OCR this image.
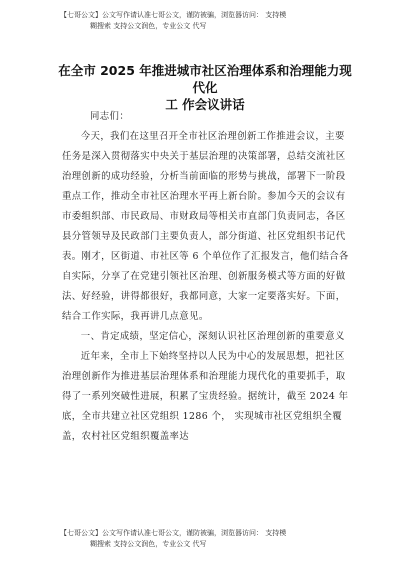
【七哥公文】公文写作请认准七哥公文，谨防被骗，浏览器访问： 支持模
糊搜索 支持公文润色，专业公文 代写
在全市 2025 年推进城市社区治理体系和治理能力现代化
工 作会议讲话

同志们：

今天，我们在这里召开全市社区治理创新工作推进会议，主要任务是深入贯彻落实中央关于基层治理的决策部署，总结交流社区治理创新的成功经验，分析当前面临的形势与挑战，部署下一阶段重点工作，推动全市社区治理水平再上新台阶。参加今天的会议有市委组织部、市民政局、市财政局等相关市直部门负责同志，各区县分管领导及民政部门主要负责人，部分街道、社区党组织书记代表。刚才，区街道、市社区等 6 个单位作了汇报发言，他们结合各自实际，分享了在党建引领社区治理、创新服务模式等方面的好做法、好经验，讲得都很好，我都同意，大家一定要落实好。下面，结合工作实际，我再讲几点意见。

一、肯定成绩，坚定信心，深刻认识社区治理创新的重要意义

近年来，全市上下始终坚持以人民为中心的发展思想，把社区治理创新作为推进基层治理体系和治理能力现代化的重要抓手，取得了一系列突破性进展，积累了宝贵经验。据统计，截至 2024 年底，全市共建立社区党组织 1286 个， 实现城市社区党组织全覆盖，农村社区党组织覆盖率达

【七哥公文】公文写作请认准七哥公文，谨防被骗，浏览器访问： 支持模
糊搜索 支持公文润色，专业公文 代写
